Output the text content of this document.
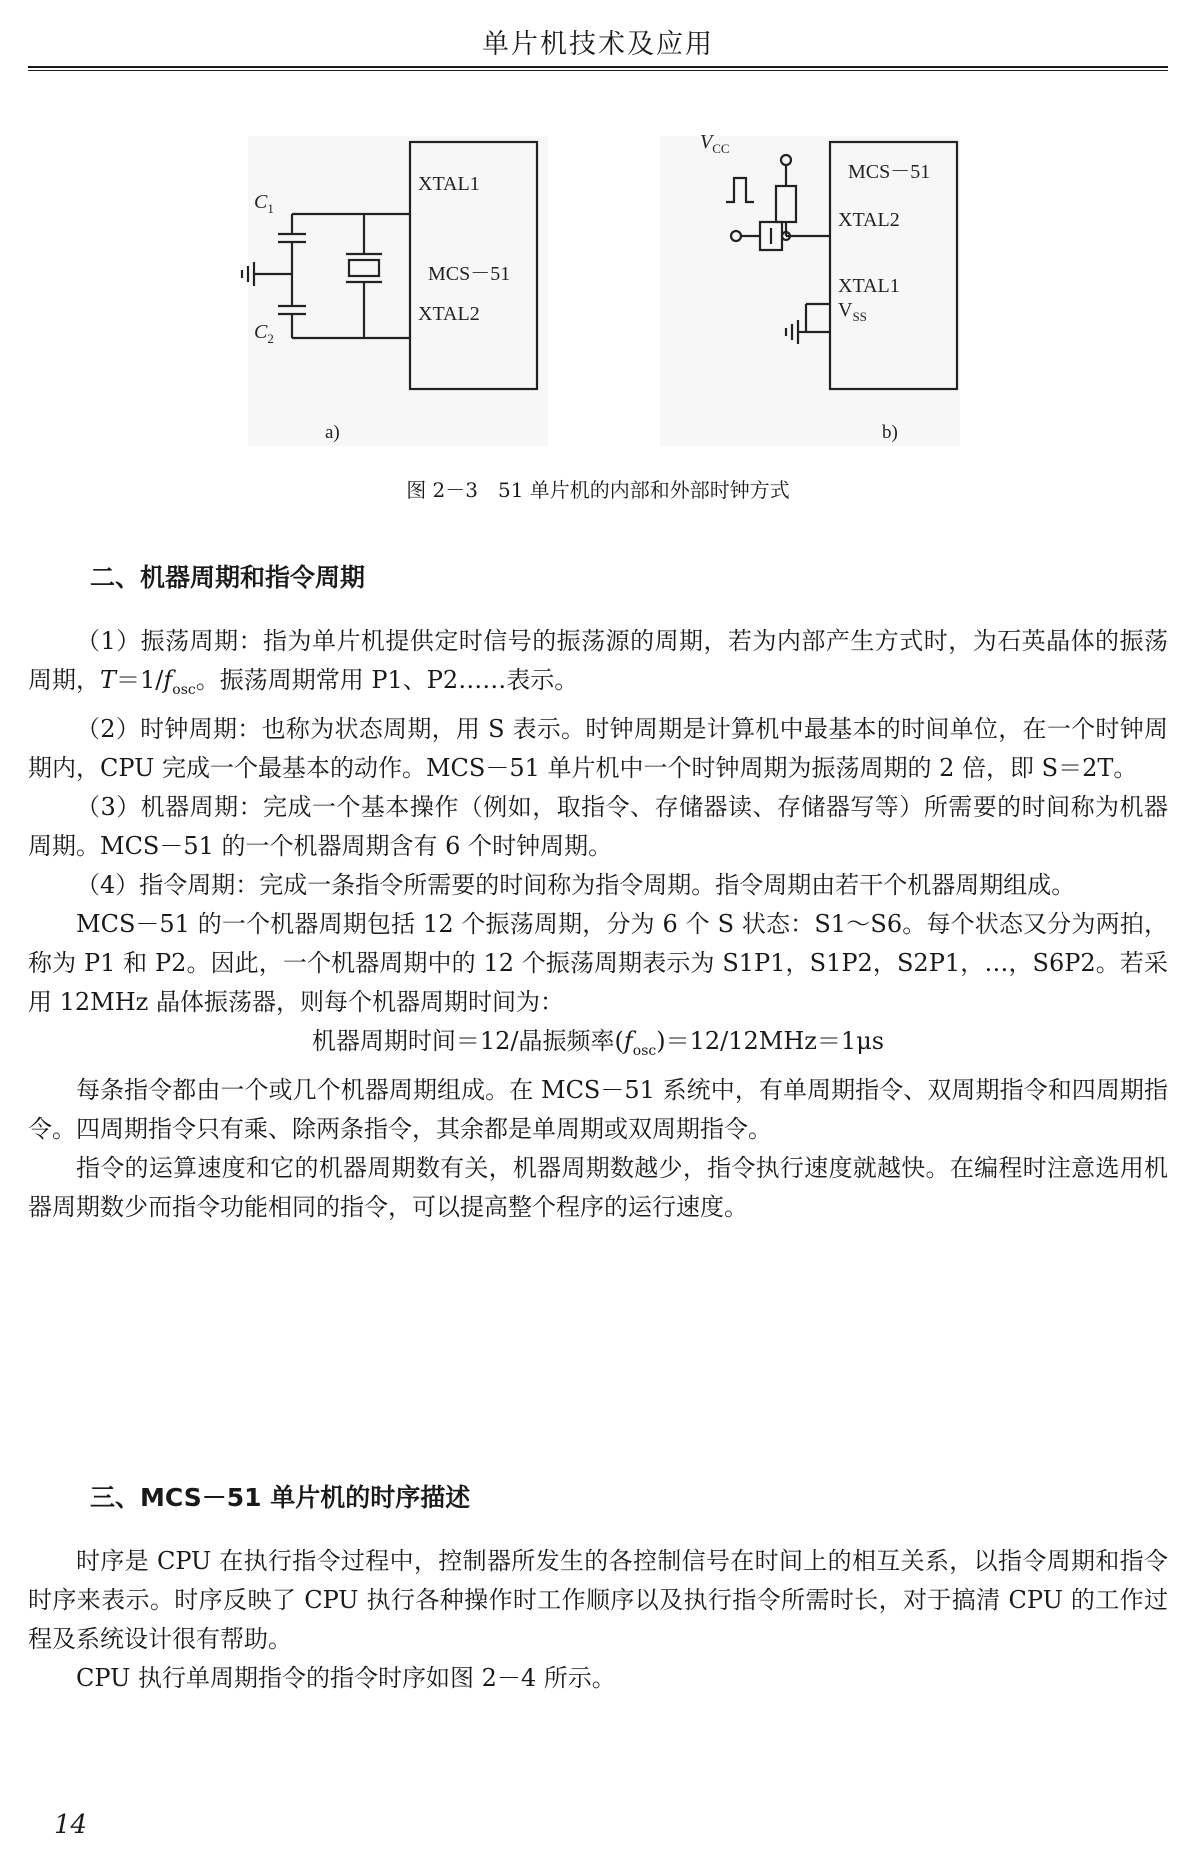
单片机技术及应用
XTAL1
MCS－51
XTAL2
$C_1$
$C_2$
a)
$V_{CC}$
MCS－51
XTAL2
XTAL1
$V_{SS}$
b)
图 2－3　51 单片机的内部和外部时钟方式
二、机器周期和指令周期

（1）振荡周期：指为单片机提供定时信号的振荡源的周期，若为内部产生方式时，为石英晶体的振荡周期，$T=1/f_{osc}$。振荡周期常用 P1、P2……表示。

（2）时钟周期：也称为状态周期，用 S 表示。时钟周期是计算机中最基本的时间单位，在一个时钟周期内，CPU 完成一个最基本的动作。MCS－51 单片机中一个时钟周期为振荡周期的 2 倍，即 S＝2T。

（3）机器周期：完成一个基本操作（例如，取指令、存储器读、存储器写等）所需要的时间称为机器周期。MCS－51 的一个机器周期含有 6 个时钟周期。

（4）指令周期：完成一条指令所需要的时间称为指令周期。指令周期由若干个机器周期组成。

MCS－51 的一个机器周期包括 12 个振荡周期，分为 6 个 S 状态：S1～S6。每个状态又分为两拍，称为 P1 和 P2。因此，一个机器周期中的 12 个振荡周期表示为 S1P1，S1P2，S2P1，…，S6P2。若采用 12MHz 晶体振荡器，则每个机器周期时间为：

机器周期时间＝12/晶振频率$(f_{osc})=12/12MHz=1\mu s$

每条指令都由一个或几个机器周期组成。在 MCS－51 系统中，有单周期指令、双周期指令和四周期指令。四周期指令只有乘、除两条指令，其余都是单周期或双周期指令。

指令的运算速度和它的机器周期数有关，机器周期数越少，指令执行速度就越快。在编程时注意选用机器周期数少而指令功能相同的指令，可以提高整个程序的运行速度。

三、MCS－51 单片机的时序描述

时序是 CPU 在执行指令过程中，控制器所发生的各控制信号在时间上的相互关系，以指令周期和指令时序来表示。时序反映了 CPU 执行各种操作时工作顺序以及执行指令所需时长，对于搞清 CPU 的工作过程及系统设计很有帮助。

CPU 执行单周期指令的指令时序如图 2－4 所示。

14
